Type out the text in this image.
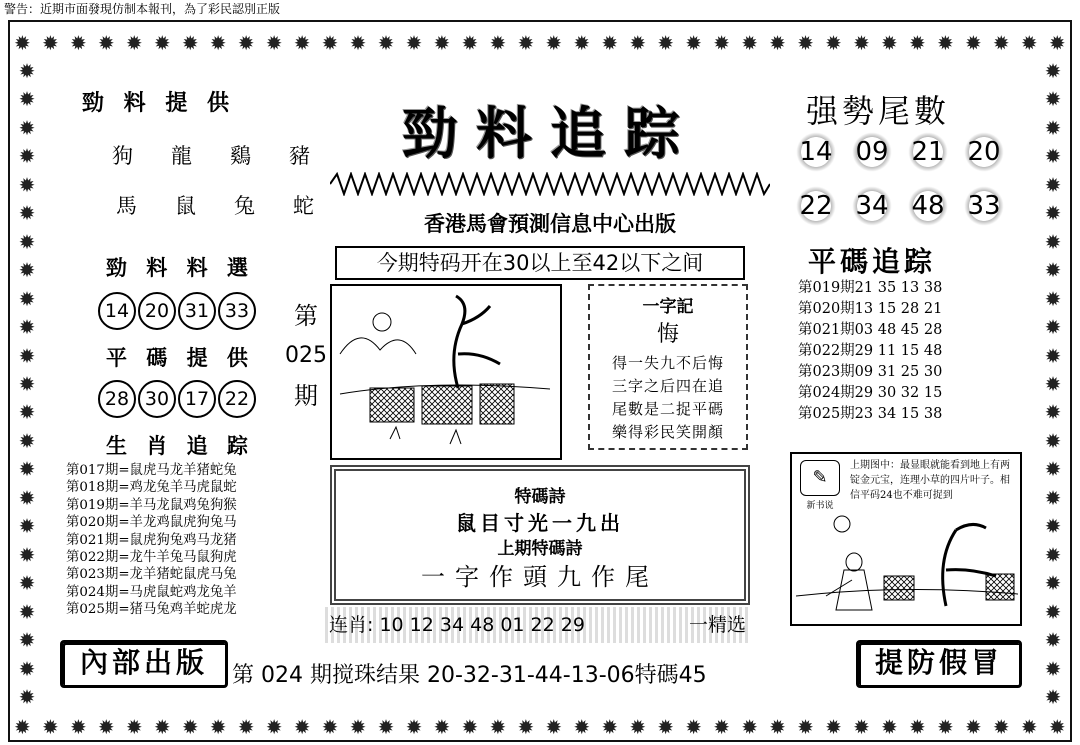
警告：近期市面發現仿制本報刊，為了彩民認別正版
✹ ✹ ✹ ✹ ✹ ✹ ✹ ✹ ✹ ✹ ✹ ✹ ✹ ✹ ✹ ✹ ✹ ✹ ✹ ✹ ✹ ✹ ✹ ✹ ✹ ✹ ✹ ✹ ✹ ✹ ✹ ✹ ✹ ✹ ✹ ✹ ✹ ✹
✹ ✹ ✹ ✹ ✹ ✹ ✹ ✹ ✹ ✹ ✹ ✹ ✹ ✹ ✹ ✹ ✹ ✹ ✹ ✹ ✹ ✹ ✹ ✹ ✹ ✹ ✹ ✹ ✹ ✹ ✹ ✹ ✹ ✹ ✹ ✹ ✹ ✹
✹
✹
✹
✹
✹
✹
✹
✹
✹
✹
✹
✹
✹
✹
✹
✹
✹
✹
✹
✹
✹
✹
✹
✹
✹
✹
✹
✹
✹
✹
✹
✹
✹
✹
✹
✹
✹
✹
✹
✹
✹
✹
✹
✹
✹
✹
勁 料 提 供
狗 龍 鷄 豬
馬 鼠 兔 蛇
勁 料 料 選
14 20 31 33
平 碼 提 供
28 30 17 22
第
025
期
生 肖 追 踪
第017期=鼠虎马龙羊猪蛇兔
第018期=鸡龙兔羊马虎鼠蛇
第019期=羊马龙鼠鸡兔狗猴
第020期=羊龙鸡鼠虎狗兔马
第021期=鼠虎狗兔鸡马龙猪
第022期=龙牛羊兔马鼠狗虎
第023期=龙羊猪蛇鼠虎马兔
第024期=马虎鼠蛇鸡龙兔羊
第025期=猪马兔鸡羊蛇虎龙
內部出版
勁料追踪
香港馬會預測信息中心出版
今期特码开在30以上至42以下之间
一字記
悔
得一失九不后悔
三字之后四在追
尾數是二捉平碼
樂得彩民笑開顏
特碼詩
鼠目寸光一九出
上期特碼詩
一字作頭九作尾
连肖: 10 12 34 48 01 22 29	一精选
第 024 期搅珠结果 20-32-31-44-13-06特碼45
强勢尾數
14 09 21 20
22 34 48 33
平碼追踪
第019期21 35 13 38
第020期13 15 28 21
第021期03 48 45 28
第022期29 11 15 48
第023期09 31 25 30
第024期29 30 32 15
第025期23 34 15 38
✎
新书说
上期图中：最显眼就能看到地上有两锭金元宝，连理小草的四片叶子。相信平码24也不难可捉到
提防假冒
